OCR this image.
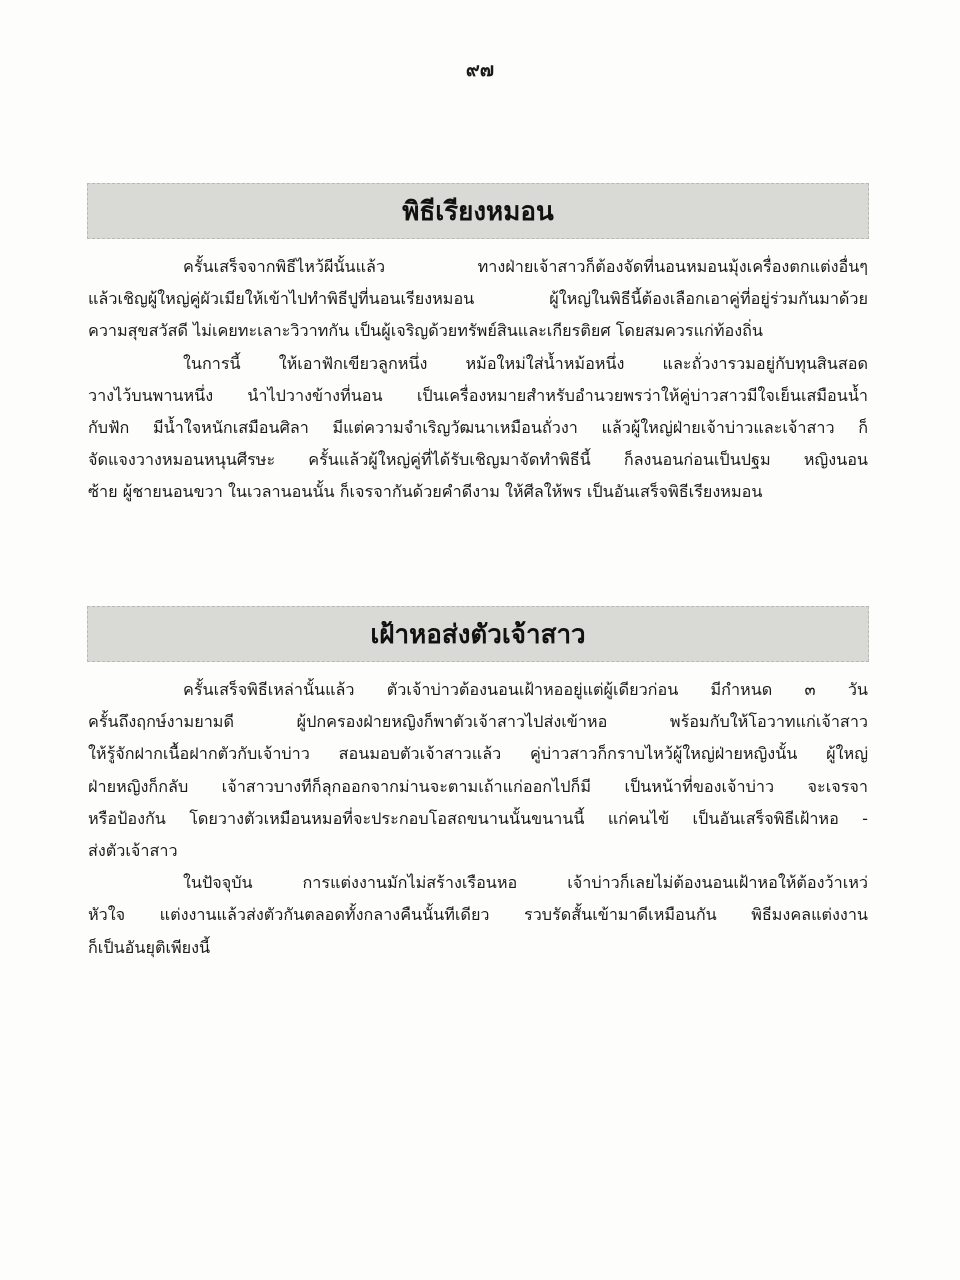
๙๗
พิธีเรียงหมอน
ครั้นเสร็จจากพิธีไหว้ผีนั้นแล้ว ทางฝ่ายเจ้าสาวก็ต้องจัดที่นอนหมอนมุ้งเครื่องตกแต่งอื่นๆ
แล้วเชิญผู้ใหญ่คู่ผัวเมียให้เข้าไปทำพิธีปูที่นอนเรียงหมอน ผู้ใหญ่ในพิธีนี้ต้องเลือกเอาคู่ที่อยู่ร่วมกันมาด้วย
ความสุขสวัสดี ไม่เคยทะเลาะวิวาทกัน เป็นผู้เจริญด้วยทรัพย์สินและเกียรติยศ โดยสมควรแก่ท้องถิ่น
ในการนี้ ให้เอาฟักเขียวลูกหนึ่ง หม้อใหม่ใส่น้ำหม้อหนึ่ง และถั่วงารวมอยู่กับทุนสินสอด
วางไว้บนพานหนึ่ง นำไปวางข้างที่นอน เป็นเครื่องหมายสำหรับอำนวยพรว่าให้คู่บ่าวสาวมีใจเย็นเสมือนน้ำ
กับฟัก มีน้ำใจหนักเสมือนศิลา มีแต่ความจำเริญวัฒนาเหมือนถั่วงา แล้วผู้ใหญ่ฝ่ายเจ้าบ่าวและเจ้าสาว ก็
จัดแจงวางหมอนหนุนศีรษะ ครั้นแล้วผู้ใหญ่คู่ที่ได้รับเชิญมาจัดทำพิธีนี้ ก็ลงนอนก่อนเป็นปฐม หญิงนอน
ซ้าย ผู้ชายนอนขวา ในเวลานอนนั้น ก็เจรจากันด้วยคำดีงาม ให้ศีลให้พร เป็นอันเสร็จพิธีเรียงหมอน
เฝ้าหอส่งตัวเจ้าสาว
ครั้นเสร็จพิธีเหล่านั้นแล้ว ตัวเจ้าบ่าวต้องนอนเฝ้าหออยู่แต่ผู้เดียวก่อน มีกำหนด ๓ วัน
ครั้นถึงฤกษ์งามยามดี ผู้ปกครองฝ่ายหญิงก็พาตัวเจ้าสาวไปส่งเข้าหอ พร้อมกับให้โอวาทแก่เจ้าสาว
ให้รู้จักฝากเนื้อฝากตัวกับเจ้าบ่าว สอนมอบตัวเจ้าสาวแล้ว คู่บ่าวสาวก็กราบไหว้ผู้ใหญ่ฝ่ายหญิงนั้น ผู้ใหญ่
ฝ่ายหญิงก็กลับ เจ้าสาวบางทีก็ลุกออกจากม่านจะตามเถ้าแก่ออกไปก็มี เป็นหน้าที่ของเจ้าบ่าว จะเจรจา
หรือป้องกัน โดยวางตัวเหมือนหมอที่จะประกอบโอสถขนานนั้นขนานนี้ แก่คนไข้ เป็นอันเสร็จพิธีเฝ้าหอ -
ส่งตัวเจ้าสาว
ในปัจจุบัน การแต่งงานมักไม่สร้างเรือนหอ เจ้าบ่าวก็เลยไม่ต้องนอนเฝ้าหอให้ต้องว้าเหว่
หัวใจ แต่งงานแล้วส่งตัวกันตลอดทั้งกลางคืนนั้นทีเดียว รวบรัดสั้นเข้ามาดีเหมือนกัน พิธีมงคลแต่งงาน
ก็เป็นอันยุติเพียงนี้
